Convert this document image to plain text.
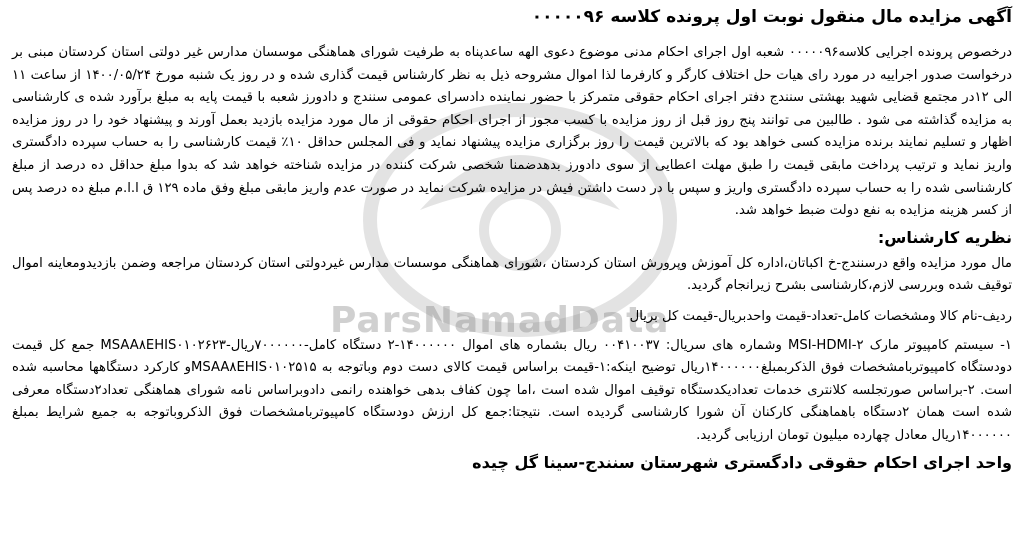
ParsNamadData
آگهی مزایده مال منقول نوبت اول پرونده کلاسه ۰۰۰۰۰۹۶

درخصوص پرونده اجرایی کلاسه۰۰۰۰۰۹۶ شعبه اول اجرای احکام مدنی موضوع دعوی الهه ساعدپناه به طرفیت شورای هماهنگی موسسان مدارس غیر دولتی استان کردستان مبنی بر درخواست صدور اجراییه در مورد رای هیات حل اختلاف کارگر و کارفرما لذا اموال مشروحه ذیل به نظر کارشناس قیمت گذاری شده و در روز یک شنبه مورخ ۱۴۰۰/۰۵/۲۴ از ساعت ۱۱ الی ۱۲در مجتمع قضایی شهید بهشتی سنندج دفتر اجرای احکام حقوقی متمرکز با حضور نماینده دادسرای عمومی سنندج و دادورز شعبه با قیمت پایه به مبلغ برآورد شده ی کارشناسی به مزایده گذاشته می شود . طالبین می توانند پنج روز قبل از روز مزایده با کسب مجوز از اجرای احکام حقوقی از مال مورد مزایده بازدید بعمل آورند و پیشنهاد خود را در روز مزایده اظهار و تسلیم نمایند برنده مزایده کسی خواهد بود که بالاترین قیمت را روز برگزاری مزایده پیشنهاد نماید و فی المجلس حداقل ۱۰٪ قیمت کارشناسی را به حساب سپرده دادگستری واریز نماید و ترتیب پرداخت مابقی قیمت را طبق مهلت اعطایی از سوی دادورز بدهدضمنا شخصی شرکت کننده در مزایده شناخته خواهد شد که بدوا مبلغ حداقل ده درصد از مبلغ کارشناسی شده را به حساب سپرده دادگستری واریز و سپس با در دست داشتن فیش در مزایده شرکت نماید در صورت عدم واریز مابقی مبلغ وفق ماده ۱۲۹ ق ا.ا.م مبلغ ده درصد پس از کسر هزینه مزایده به نفع دولت ضبط خواهد شد.

نظریه کارشناس:

مال مورد مزایده واقع درسنندج-خ اکباتان،اداره کل آموزش وپرورش استان کردستان ،شورای هماهنگی موسسات مدارس غیردولتی استان کردستان مراجعه وضمن بازدیدومعاینه اموال توقیف شده وبررسی لازم،کارشناسی بشرح زیرانجام گردید.

ردیف-نام کالا ومشخصات کامل-تعداد-قیمت واحدبریال-قیمت کل بریال

۱- سیستم کامپیوتر مارک MSI-HDMI-۲ وشماره های سریال: ۰۰۴۱۰۰۳۷ ریال بشماره های اموال ۱۴۰۰۰۰۰۰-۲ دستگاه کامل-۷۰۰۰۰۰۰ریال-MSAA۸EHIS۰۱۰۲۶۲۳ جمع کل قیمت دودستگاه کامپیوتربامشخصات فوق الذکربمبلغ۱۴۰۰۰۰۰۰ریال توضیح اینکه:۱-قیمت براساس قیمت کالای دست دوم وباتوجه به MSAA۸EHIS۰۱۰۲۵۱۵و کارکرد دستگاهها محاسبه شده است. ۲-براساس صورتجلسه کلانتری خدمات تعدادیکدستگاه توقیف اموال شده است ،اما چون کفاف بدهی خواهنده رانمی دادوبراساس نامه شورای هماهنگی تعداد۲دستگاه معرفی شده است همان ۲دستگاه باهماهنگی کارکنان آن شورا کارشناسی گردیده است. نتیجتا:جمع کل ارزش دودستگاه کامپیوتربامشخصات فوق الذکروباتوجه به جمیع شرایط بمبلغ ۱۴۰۰۰۰۰۰ریال معادل چهارده میلیون تومان ارزیابی گردید.

واحد اجرای احکام حقوقی دادگستری شهرستان سنندج-سینا گل چیده
